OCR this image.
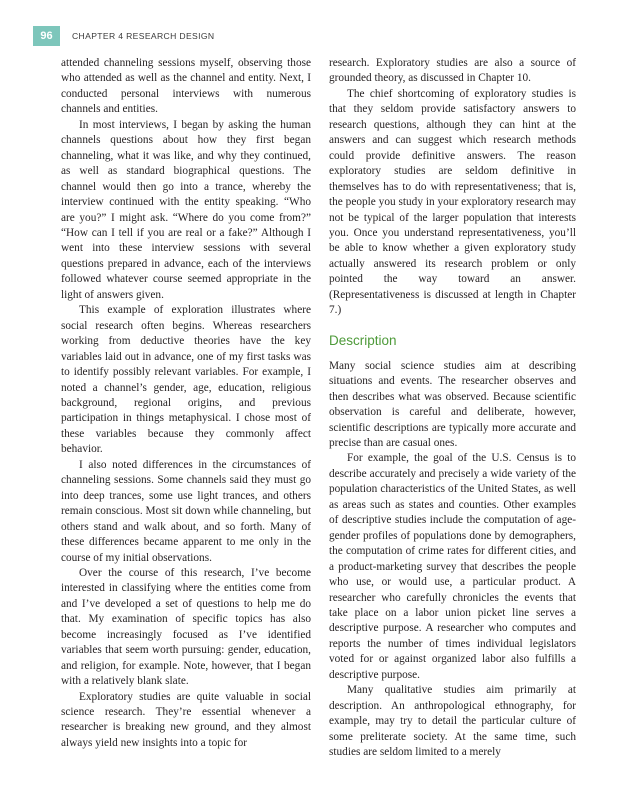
96	CHAPTER 4 RESEARCH DESIGN

attended channeling sessions myself, observing those who attended as well as the channel and entity. Next, I conducted personal interviews with numerous channels and entities.

In most interviews, I began by asking the human channels questions about how they first began channeling, what it was like, and why they continued, as well as standard biographical questions. The channel would then go into a trance, whereby the interview continued with the entity speaking. “Who are you?” I might ask. “Where do you come from?” “How can I tell if you are real or a fake?” Although I went into these interview sessions with several questions prepared in advance, each of the interviews followed whatever course seemed appropriate in the light of answers given.

This example of exploration illustrates where social research often begins. Whereas researchers working from deductive theories have the key variables laid out in advance, one of my first tasks was to identify possibly relevant variables. For example, I noted a channel’s gender, age, education, religious background, regional origins, and previous participation in things metaphysical. I chose most of these variables because they commonly affect behavior.

I also noted differences in the circumstances of channeling sessions. Some channels said they must go into deep trances, some use light trances, and others remain conscious. Most sit down while channeling, but others stand and walk about, and so forth. Many of these differences became apparent to me only in the course of my initial observations.

Over the course of this research, I’ve become interested in classifying where the entities come from and I’ve developed a set of questions to help me do that. My examination of specific topics has also become increasingly focused as I’ve identified variables that seem worth pursuing: gender, education, and religion, for example. Note, however, that I began with a relatively blank slate.

Exploratory studies are quite valuable in social science research. They’re essential whenever a researcher is breaking new ground, and they almost always yield new insights into a topic for

research. Exploratory studies are also a source of grounded theory, as discussed in Chapter 10.

The chief shortcoming of exploratory studies is that they seldom provide satisfactory answers to research questions, although they can hint at the answers and can suggest which research methods could provide definitive answers. The reason exploratory studies are seldom definitive in themselves has to do with representativeness; that is, the people you study in your exploratory research may not be typical of the larger population that interests you. Once you understand representativeness, you’ll be able to know whether a given exploratory study actually answered its research problem or only pointed the way toward an answer. (Representativeness is discussed at length in Chapter 7.)

Description

Many social science studies aim at describing situations and events. The researcher observes and then describes what was observed. Because scientific observation is careful and deliberate, however, scientific descriptions are typically more accurate and precise than are casual ones.

For example, the goal of the U.S. Census is to describe accurately and precisely a wide variety of the population characteristics of the United States, as well as areas such as states and counties. Other examples of descriptive studies include the computation of age-gender profiles of populations done by demographers, the computation of crime rates for different cities, and a product-marketing survey that describes the people who use, or would use, a particular product. A researcher who carefully chronicles the events that take place on a labor union picket line serves a descriptive purpose. A researcher who computes and reports the number of times individual legislators voted for or against organized labor also fulfills a descriptive purpose.

Many qualitative studies aim primarily at description. An anthropological ethnography, for example, may try to detail the particular culture of some preliterate society. At the same time, such studies are seldom limited to a merely
